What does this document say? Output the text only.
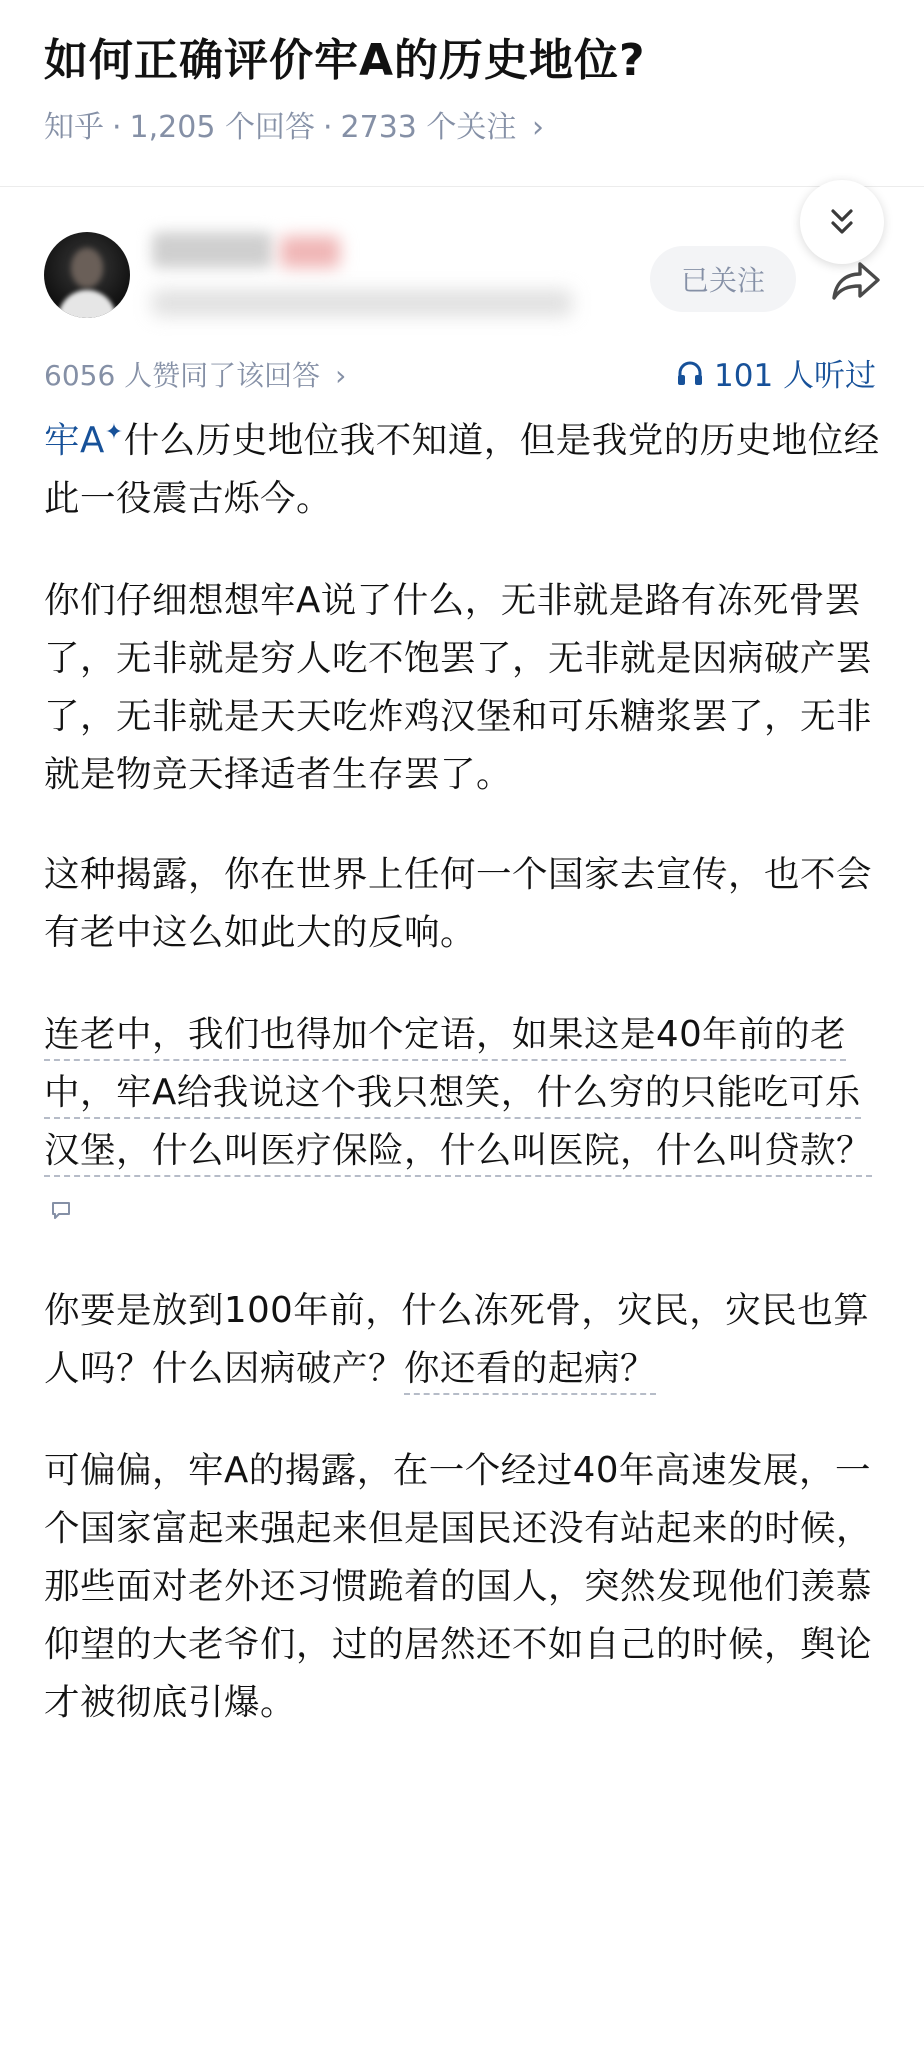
如何正确评价牢A的历史地位?
知乎 · 1,205 个回答 · 2733 个关注 ›
已关注
6056 人赞同了该回答 ›	101 人听过

牢A✦什么历史地位我不知道，但是我党的历史地位经此一役震古烁今。

你们仔细想想牢A说了什么，无非就是路有冻死骨罢了，无非就是穷人吃不饱罢了，无非就是因病破产罢了，无非就是天天吃炸鸡汉堡和可乐糖浆罢了，无非就是物竞天择适者生存罢了。

这种揭露，你在世界上任何一个国家去宣传，也不会有老中这么如此大的反响。

连老中，我们也得加个定语，如果这是40年前的老中，牢A给我说这个我只想笑，什么穷的只能吃可乐汉堡，什么叫医疗保险，什么叫医院，什么叫贷款？

你要是放到100年前，什么冻死骨，灾民，灾民也算人吗？什么因病破产？你还看的起病？

可偏偏，牢A的揭露，在一个经过40年高速发展，一个国家富起来强起来但是国民还没有站起来的时候，那些面对老外还习惯跪着的国人，突然发现他们羡慕仰望的大老爷们，过的居然还不如自己的时候，舆论才被彻底引爆。
